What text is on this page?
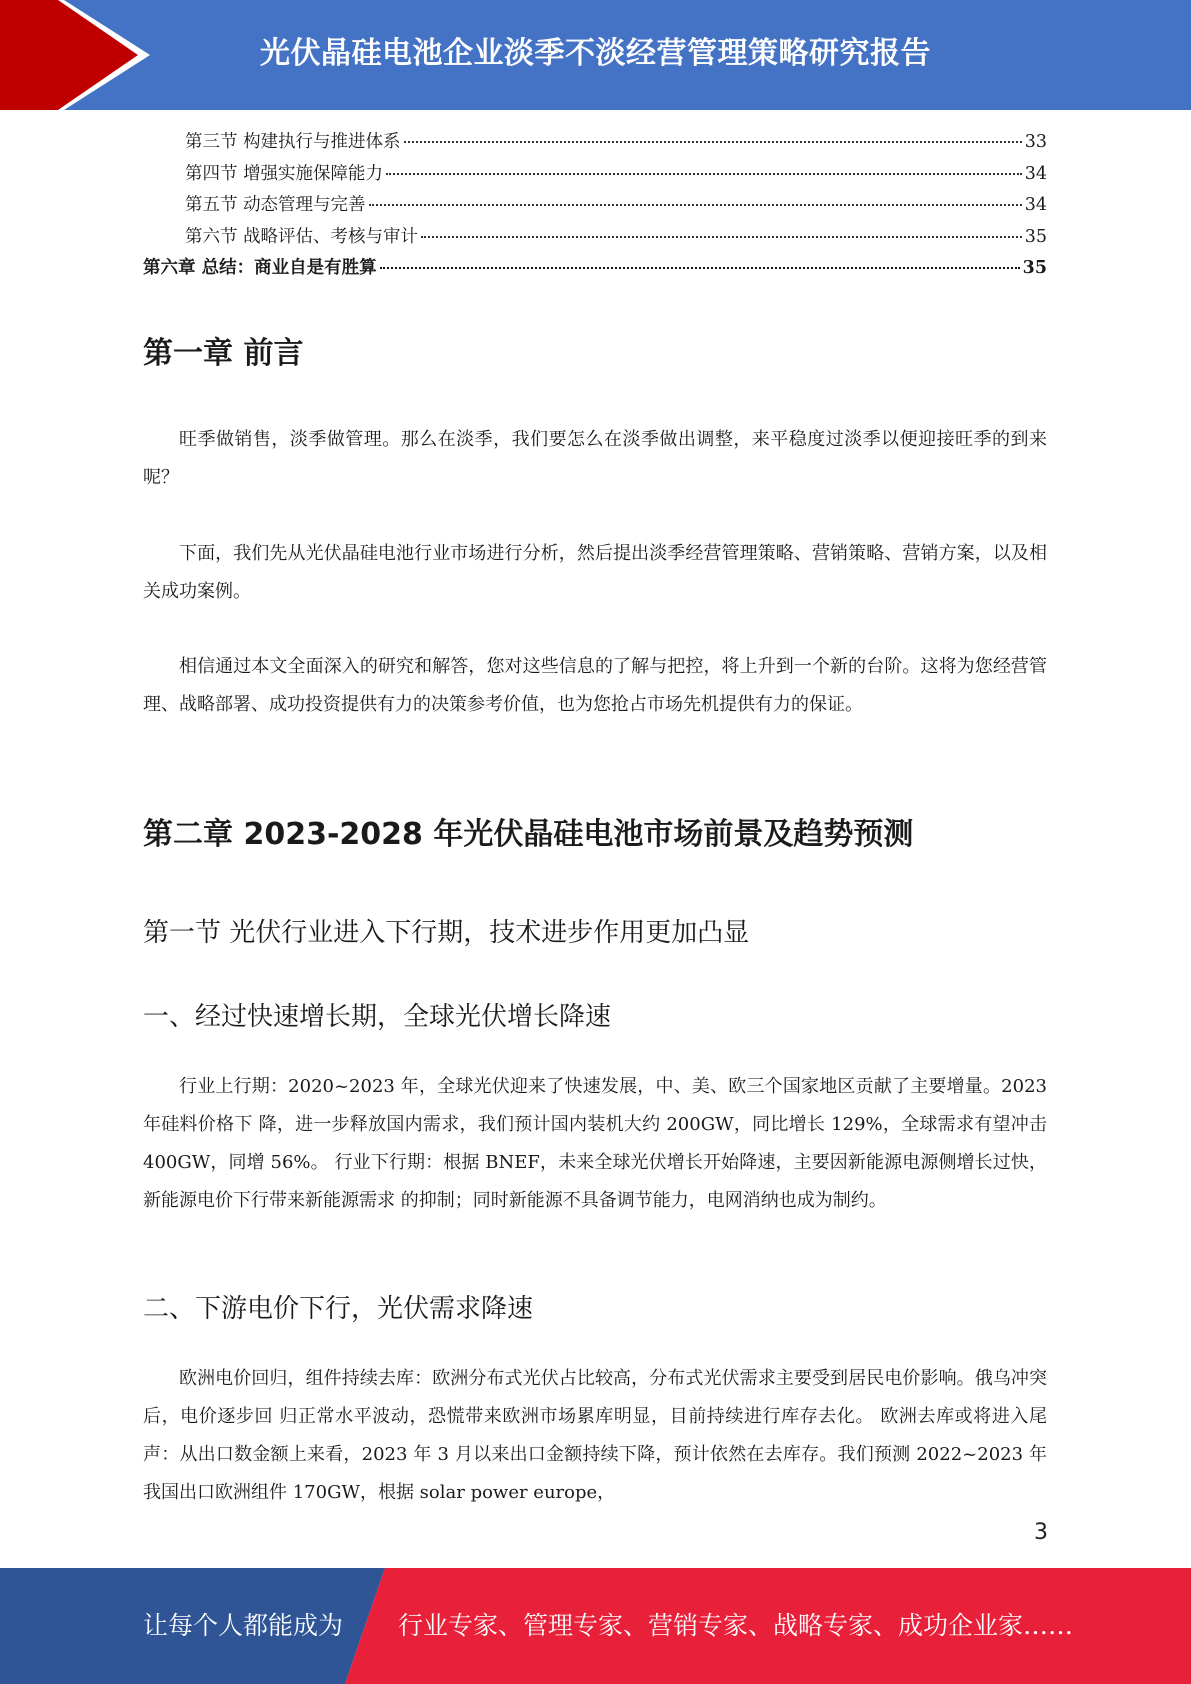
光伏晶硅电池企业淡季不淡经营管理策略研究报告
第三节 构建执行与推进体系	33
第四节 增强实施保障能力	34
第五节 动态管理与完善	34
第六节 战略评估、考核与审计	35
第六章 总结：商业自是有胜算	35
第一章 前言

旺季做销售，淡季做管理。那么在淡季，我们要怎么在淡季做出调整，来平稳度过淡季以便迎接旺季的到来呢？

下面，我们先从光伏晶硅电池行业市场进行分析，然后提出淡季经营管理策略、营销策略、营销方案，以及相关成功案例。

相信通过本文全面深入的研究和解答，您对这些信息的了解与把控，将上升到一个新的台阶。这将为您经营管理、战略部署、成功投资提供有力的决策参考价值，也为您抢占市场先机提供有力的保证。

第二章 2023-2028 年光伏晶硅电池市场前景及趋势预测
第一节 光伏行业进入下行期，技术进步作用更加凸显
一、经过快速增长期，全球光伏增长降速

行业上行期：2020~2023 年，全球光伏迎来了快速发展，中、美、欧三个国家地区贡献了主要增量。2023 年硅料价格下 降，进一步释放国内需求，我们预计国内装机大约 200GW，同比增长 129%，全球需求有望冲击 400GW，同增 56%。 行业下行期：根据 BNEF，未来全球光伏增长开始降速，主要因新能源电源侧增长过快，新能源电价下行带来新能源需求 的抑制；同时新能源不具备调节能力，电网消纳也成为制约。

二、下游电价下行，光伏需求降速

欧洲电价回归，组件持续去库：欧洲分布式光伏占比较高，分布式光伏需求主要受到居民电价影响。俄乌冲突后，电价逐步回 归正常水平波动，恐慌带来欧洲市场累库明显，目前持续进行库存去化。 欧洲去库或将进入尾声：从出口数金额上来看，2023 年 3 月以来出口金额持续下降，预计依然在去库存。我们预测 2022~2023 年我国出口欧洲组件 170GW，根据 solar power europe，

3
让每个人都能成为 行业专家、管理专家、营销专家、战略专家、成功企业家……
